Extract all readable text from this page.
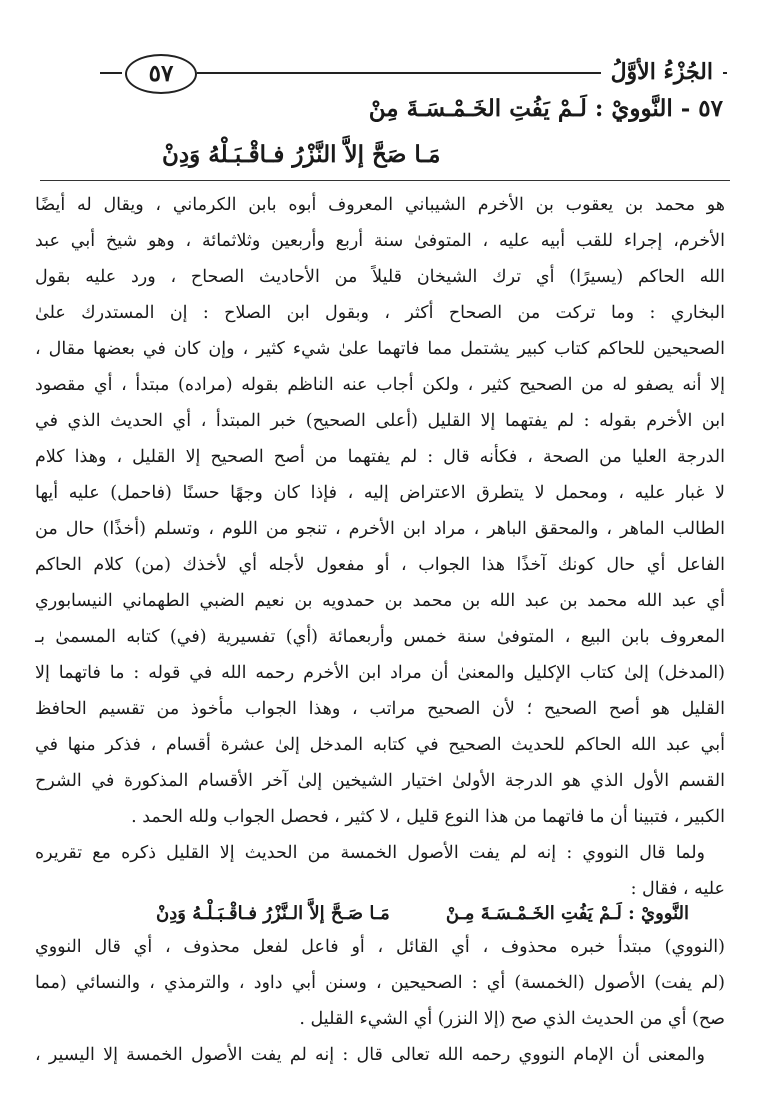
٥٧	الجُزْءُ الأوَّلُ
٥٧ - النَّوويْ : لَـمْ يَفُتِ الخَـمْـسَـةَ مِنْ
مَـا صَحَّ إلاَّ النَّزْرُ فـاقْـبَـلْهُ وَدِنْ
هو محمد بن يعقوب بن الأخرم الشيباني المعروف أبوه بابن الكرماني ، ويقال له أيضًا
الأخرم، إجراء للقب أبيه عليه ، المتوفىٰ سنة أربع وأربعين وثلاثمائة ، وهو شيخ أبي عبد
الله الحاكم (يسيرًا) أي ترك الشيخان قليلاً من الأحاديث الصحاح ، ورد عليه بقول
البخاري : وما تركت من الصحاح أكثر ، وبقول ابن الصلاح : إن المستدرك علىٰ
الصحيحين للحاكم كتاب كبير يشتمل مما فاتهما علىٰ شيء كثير ، وإن كان في بعضها مقال ،
إلا أنه يصفو له من الصحيح كثير ، ولكن أجاب عنه الناظم بقوله (مراده) مبتدأ ، أي مقصود
ابن الأخرم بقوله : لم يفتهما إلا القليل (أعلى الصحيح) خبر المبتدأ ، أي الحديث الذي في
الدرجة العليا من الصحة ، فكأنه قال : لم يفتهما من أصح الصحيح إلا القليل ، وهذا كلام
لا غبار عليه ، ومحمل لا يتطرق الاعتراض إليه ، فإذا كان وجهًا حسنًا (فاحمل) عليه أيها
الطالب الماهر ، والمحقق الباهر ، مراد ابن الأخرم ، تنجو من اللوم ، وتسلم (أخذًا) حال من
الفاعل أي حال كونك آخذًا هذا الجواب ، أو مفعول لأجله أي لأخذك (من) كلام الحاكم
أي عبد الله محمد بن عبد الله بن محمد بن حمدويه بن نعيم الضبي الطهماني النيسابوري
المعروف بابن البيع ، المتوفىٰ سنة خمس وأربعمائة (أي) تفسيرية (في) كتابه المسمىٰ بـ
(المدخل) إلىٰ كتاب الإكليل والمعنىٰ أن مراد ابن الأخرم رحمه الله في قوله : ما فاتهما إلا
القليل هو أصح الصحيح ؛ لأن الصحيح مراتب ، وهذا الجواب مأخوذ من تقسيم الحافظ
أبي عبد الله الحاكم للحديث الصحيح في كتابه المدخل إلىٰ عشرة أقسام ، فذكر منها في
القسم الأول الذي هو الدرجة الأولىٰ اختيار الشيخين إلىٰ آخر الأقسام المذكورة في الشرح
الكبير ، فتبينا أن ما فاتهما من هذا النوع قليل ، لا كثير ، فحصل الجواب ولله الحمد .
ولما قال النووي : إنه لم يفت الأصول الخمسة من الحديث إلا القليل ذكره مع تقريره
عليه ، فقال :
النَّوويْ : لَـمْ يَفُتِ الخَـمْـسَـةَ مِـنْ
مَـا صَـحَّ إلاَّ الـنَّزْرُ فـاقْـبَـلْـهُ وَدِنْ
(النووي) مبتدأ خبره محذوف ، أي القائل ، أو فاعل لفعل محذوف ، أي قال النووي
(لم يفت) الأصول (الخمسة) أي : الصحيحين ، وسنن أبي داود ، والترمذي ، والنسائي (مما
صح) أي من الحديث الذي صح (إلا النزر) أي الشيء القليل .
والمعنى أن الإمام النووي رحمه الله تعالى قال : إنه لم يفت الأصول الخمسة إلا اليسير ،
